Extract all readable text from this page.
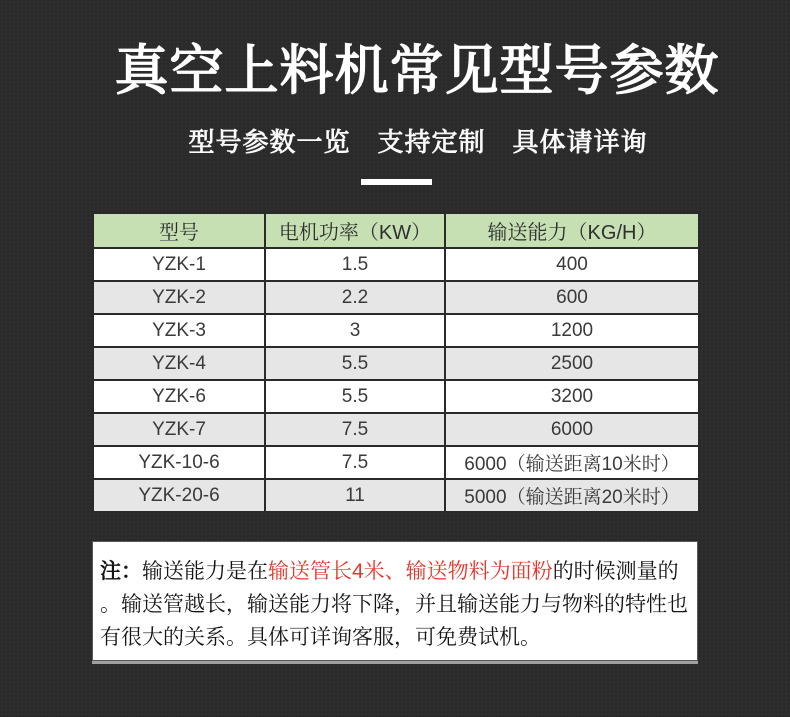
真空上料机常见型号参数
型号参数一览　支持定制　具体请详询
型号	电机功率（KW）	输送能力（KG/H）
YZK-1	1.5	400
YZK-2	2.2	600
YZK-3	3	1200
YZK-4	5.5	2500
YZK-6	5.5	3200
YZK-7	7.5	6000
YZK-10-6	7.5	6000（输送距离10米时）
YZK-20-6	11	5000（输送距离20米时）
注：输送能力是在输送管长4米、输送物料为面粉的时候测量的。输送管越长，输送能力将下降，并且输送能力与物料的特性也有很大的关系。具体可详询客服，可免费试机。
